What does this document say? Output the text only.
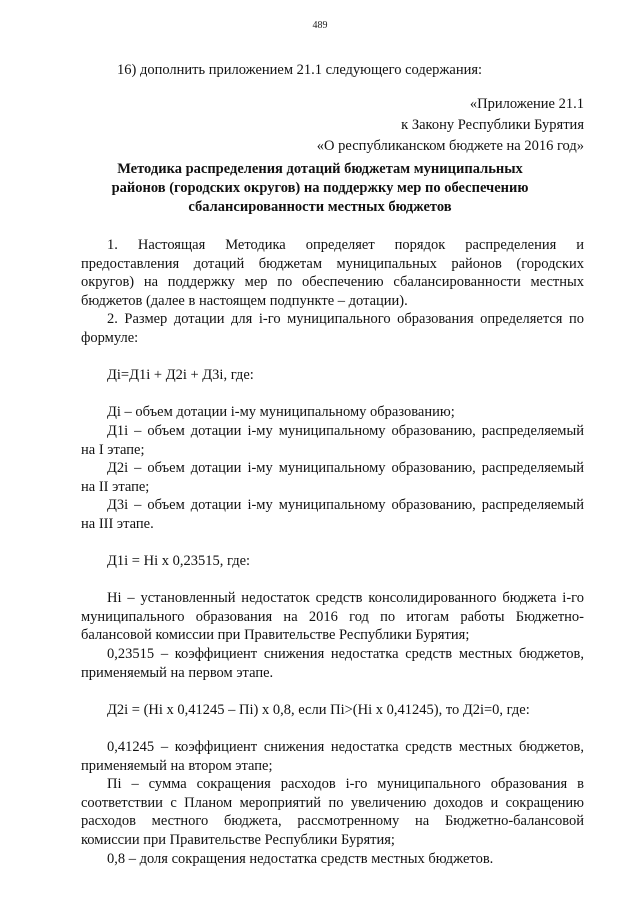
489
16) дополнить приложением 21.1 следующего содержания:
«Приложение 21.1
к Закону Республики Бурятия
«О республиканском бюджете на 2016 год»
Методика распределения дотаций бюджетам муниципальных
районов (городских округов) на поддержку мер по обеспечению
сбалансированности местных бюджетов

1. Настоящая Методика определяет порядок распределения и предоставления дотаций бюджетам муниципальных районов (городских округов) на поддержку мер по обеспечению сбалансированности местных бюджетов (далее в настоящем подпункте – дотации).

2. Размер дотации для i-го муниципального образования определяется по формуле:

Дi=Д1i + Д2i + Д3i, где:

Дi – объем дотации i-му муниципальному образованию;

Д1i – объем дотации i-му муниципальному образованию, распределяемый на I этапе;

Д2i – объем дотации i-му муниципальному образованию, распределяемый на II этапе;

Д3i – объем дотации i-му муниципальному образованию, распределяемый на III этапе.

Д1i = Нi х 0,23515, где:

Нi – установленный недостаток средств консолидированного бюджета i-го муниципального образования на 2016 год по итогам работы Бюджетно-балансовой комиссии при Правительстве Республики Бурятия;

0,23515 – коэффициент снижения недостатка средств местных бюджетов, применяемый на первом этапе.

Д2i = (Нi х 0,41245 – Пi) х 0,8, если Пi>(Нi х 0,41245), то Д2i=0, где:

0,41245 – коэффициент снижения недостатка средств местных бюджетов, применяемый на втором этапе;

Пi – сумма сокращения расходов i-го муниципального образования в соответствии с Планом мероприятий по увеличению доходов и сокращению расходов местного бюджета, рассмотренному на Бюджетно-балансовой комиссии при Правительстве Республики Бурятия;

0,8 – доля сокращения недостатка средств местных бюджетов.
